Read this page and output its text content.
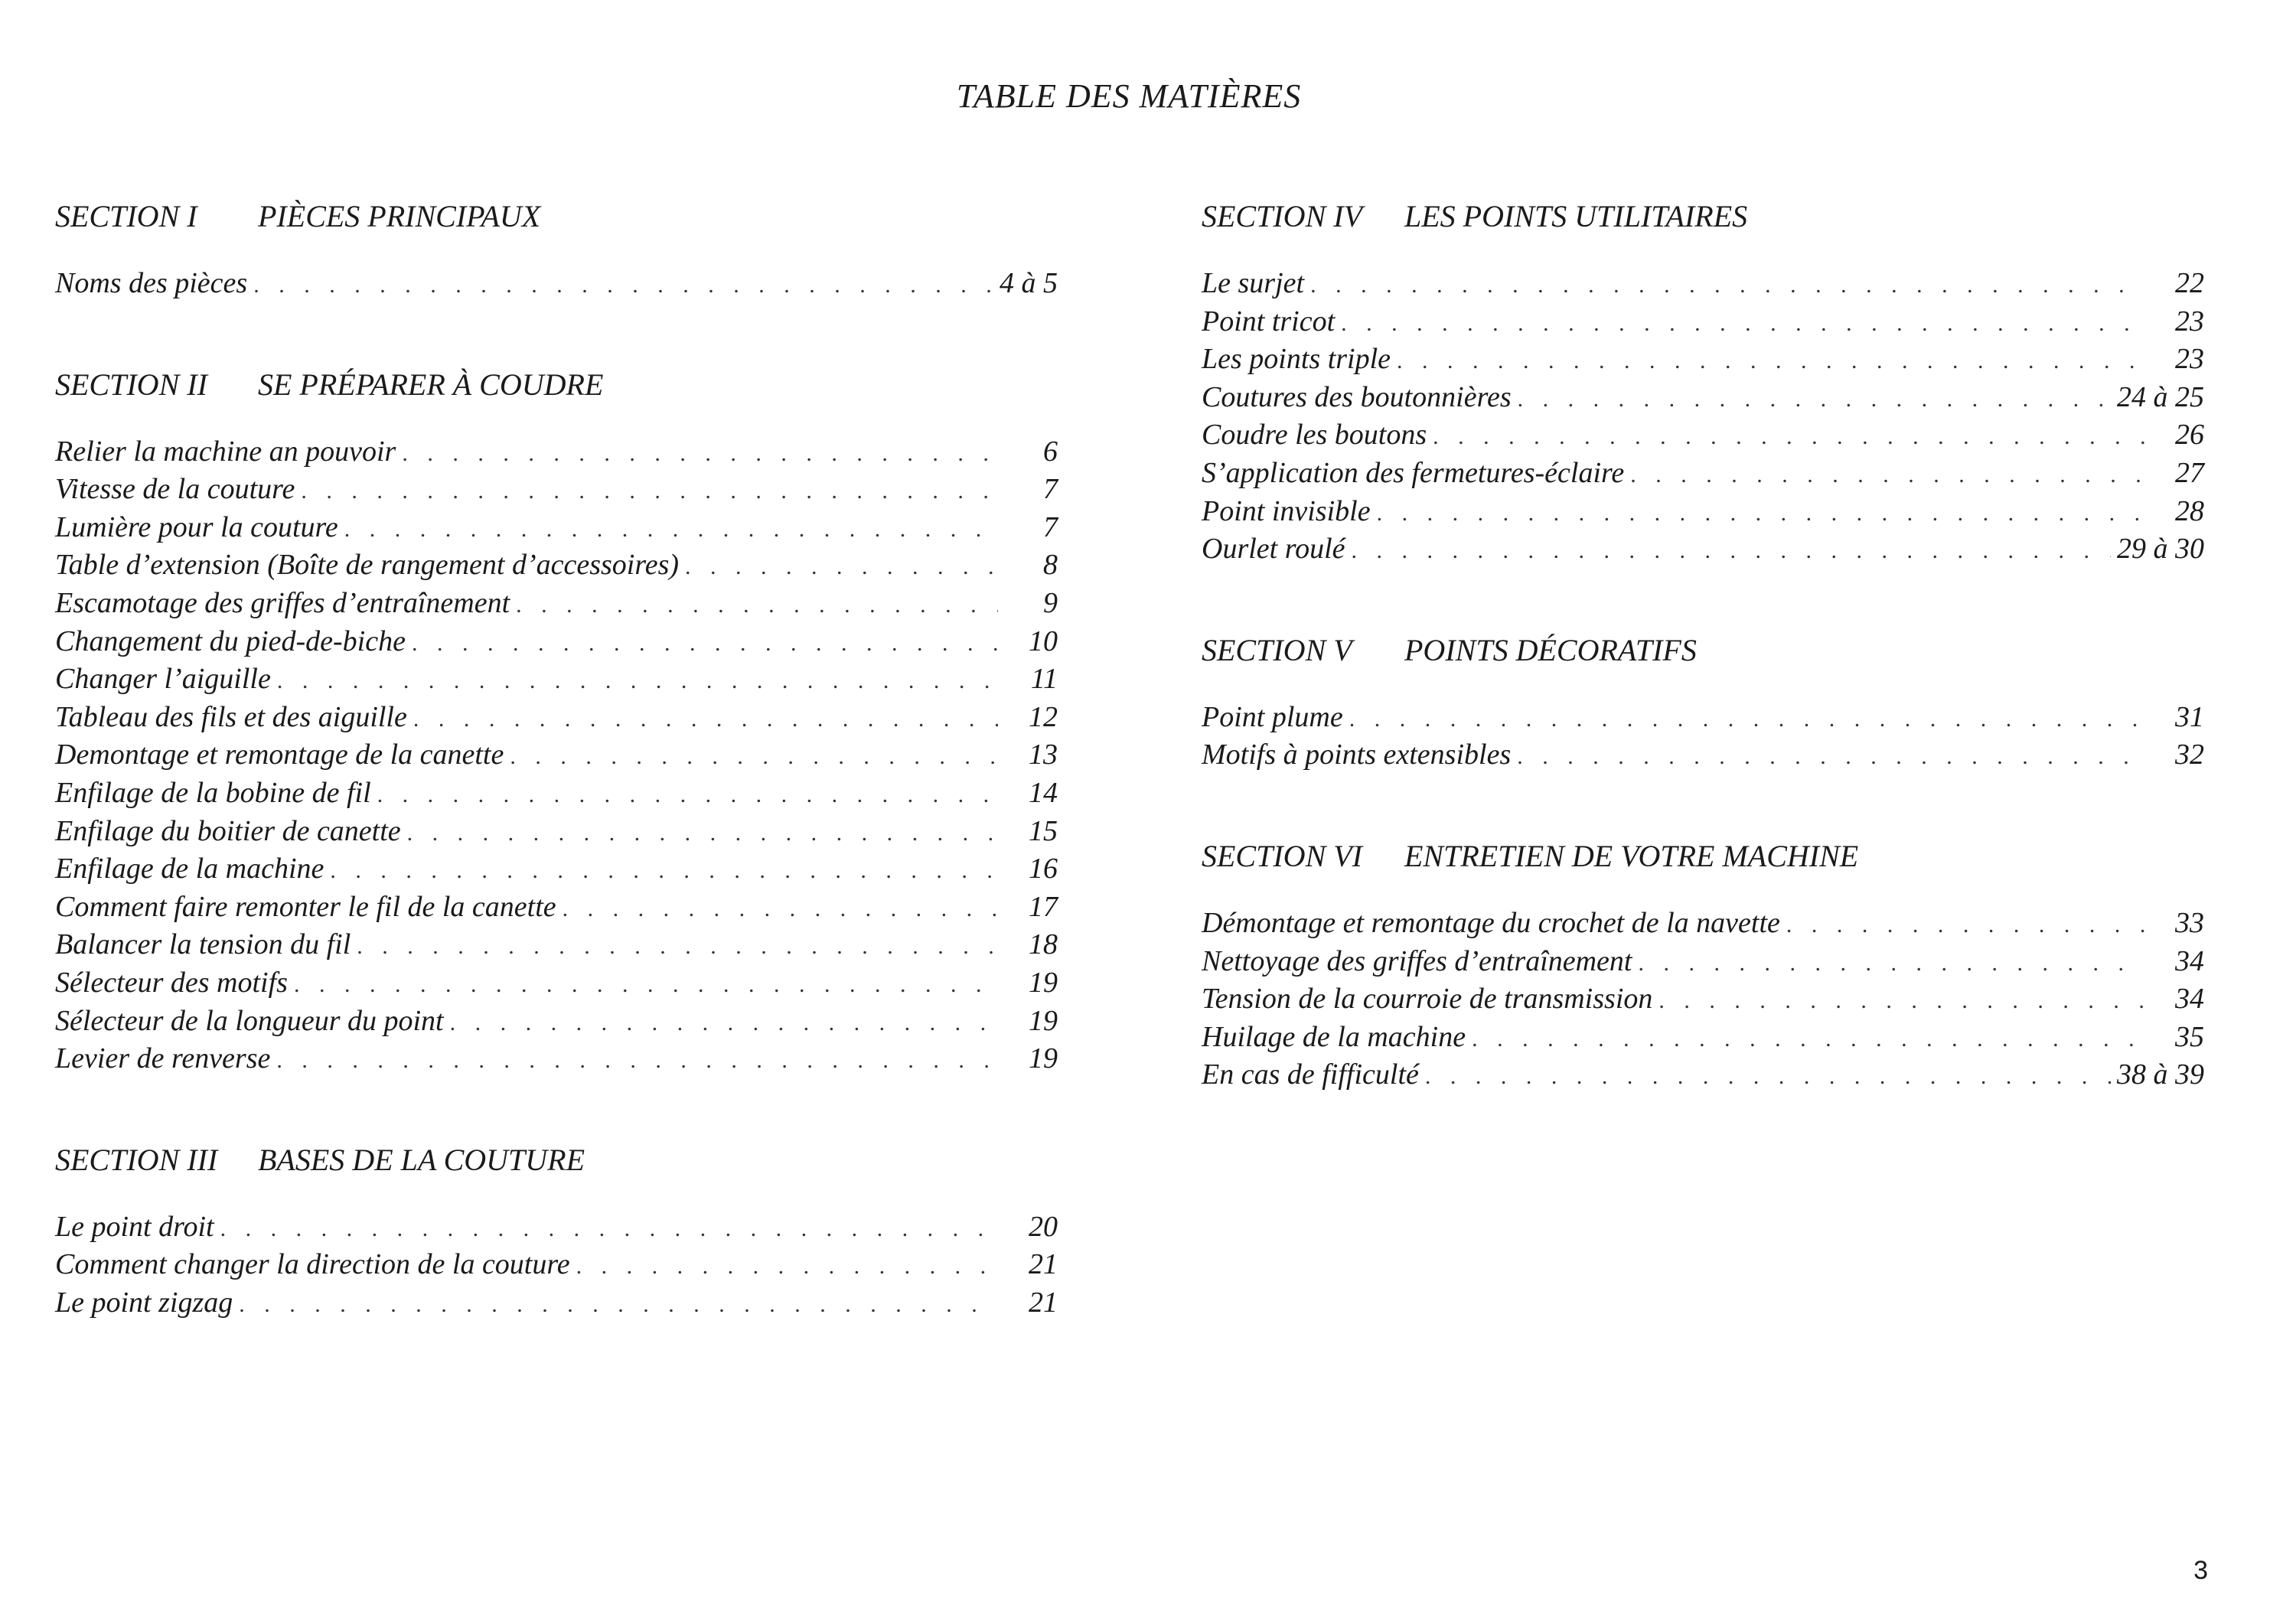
TABLE DES MATIÈRES
SECTION I	PIÈCES PRINCIPAUX
Noms des pièces . . .	4 à 5
SECTION II	SE PRÉPARER À COUDRE
Relier la machine an pouvoir . . .	6
Vitesse de la couture . . .	7
Lumière pour la couture . . .	7
Table d’extension (Boîte de rangement d’accessoires) . . .	8
Escamotage des griffes d’entraînement . . .	9
Changement du pied-de-biche . . .	10
Changer l’aiguille . . .	11
Tableau des fils et des aiguille . . .	12
Demontage et remontage de la canette . . .	13
Enfilage de la bobine de fil . . .	14
Enfilage du boitier de canette . . .	15
Enfilage de la machine . . .	16
Comment faire remonter le fil de la canette . . .	17
Balancer la tension du fil . . .	18
Sélecteur des motifs . . .	19
Sélecteur de la longueur du point . . .	19
Levier de renverse . . .	19
SECTION III	BASES DE LA COUTURE
Le point droit . . .	20
Comment changer la direction de la couture . . .	21
Le point zigzag . . .	21
SECTION IV	LES POINTS UTILITAIRES
Le surjet . . .	22
Point tricot . . .	23
Les points triple . . .	23
Coutures des boutonnières . . .	24 à 25
Coudre les boutons . . .	26
S’application des fermetures-éclaire . . .	27
Point invisible . . .	28
Ourlet roulé . . .	29 à 30
SECTION V	POINTS DÉCORATIFS
Point plume . . .	31
Motifs à points extensibles . . .	32
SECTION VI	ENTRETIEN DE VOTRE MACHINE
Démontage et remontage du crochet de la navette . . .	33
Nettoyage des griffes d’entraînement . . .	34
Tension de la courroie de transmission . . .	34
Huilage de la machine . . .	35
En cas de fifficulté . . .	38 à 39

3
